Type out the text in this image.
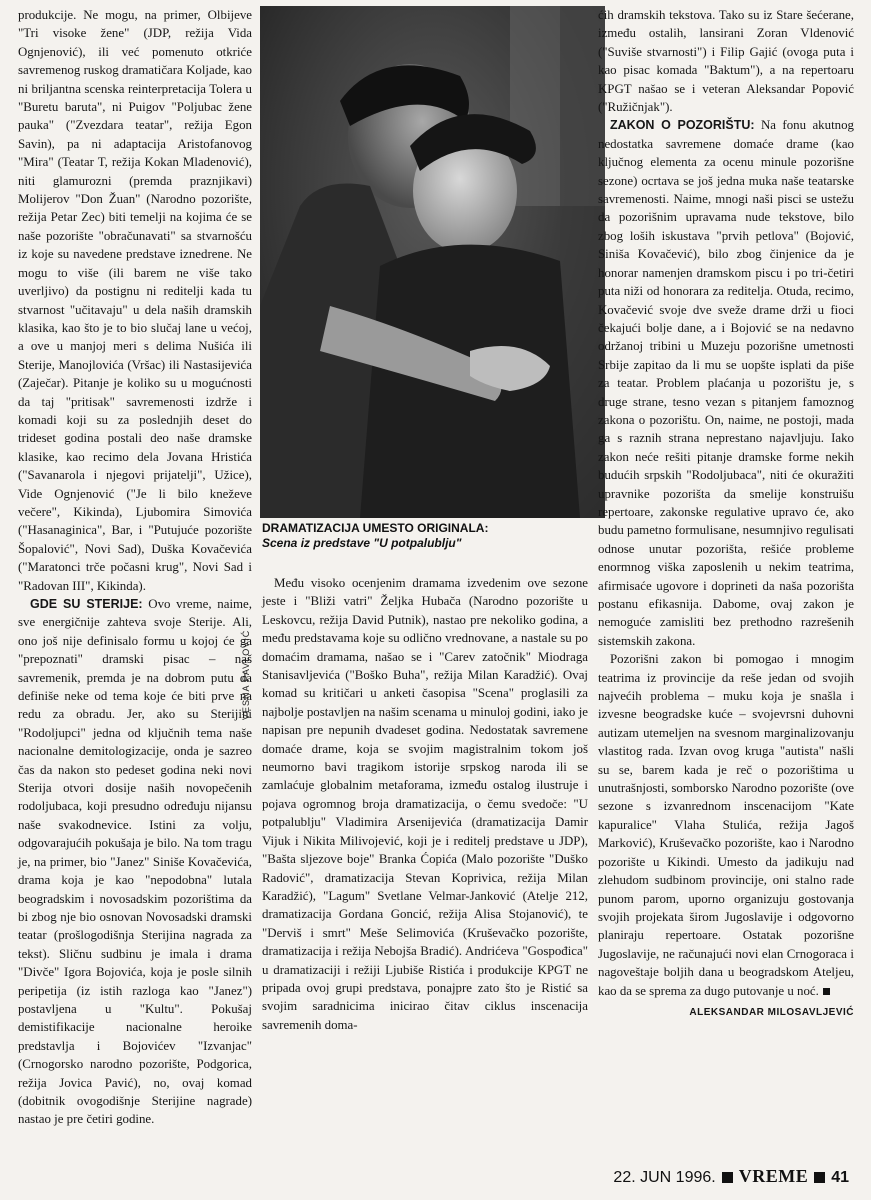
produkcije. Ne mogu, na primer, Olbijeve "Tri visoke žene" (JDP, režija Vida Ognjenović), ili već pomenuto otkriće savremenog ruskog dramatičara Koljade, kao ni briljantna scenska reinterpretacija Tolera u "Buretu baruta", ni Puigov "Poljubac žene pauka" ("Zvezdara teatar", režija Egon Savin), pa ni adaptacija Aristofanovog "Mira" (Teatar T, režija Kokan Mladenović), niti glamurozni (premda praznjikavi) Molijerov "Don Žuan" (Narodno pozorište, režija Petar Zec) biti temelji na kojima će se naše pozorište "obračunavati" sa stvarnošću iz koje su navedene predstave iznedrene. Ne mogu to više (ili barem ne više tako uverljivo) da postignu ni reditelji kada tu stvarnost "učitavaju" u dela naših dramskih klasika, kao što je to bio slučaj lane u većoj, a ove u manjoj meri s delima Nušića ili Sterije, Manojlovića (Vršac) ili Nastasijevića (Zaječar). Pitanje je koliko su u mogućnosti da taj "pritisak" savremenosti izdrže i komadi koji su za poslednjih deset do trideset godina postali deo naše dramske klasike, kao recimo dela Jovana Hristića ("Savanarola i njegovi prijatelji", Užice), Vide Ognjenović ("Je li bilo kneževe večere", Kikinda), Ljubomira Simovića ("Hasanaginica", Bar, i "Putujuće pozorište Šopalović", Novi Sad), Duška Kovačevića ("Maratonci trče počasni krug", Novi Sad i "Radovan III", Kikinda).

GDE SU STERIJE: Ovo vreme, naime, sve energičnije zahteva svoje Sterije. Ali, ono još nije definisalo formu u kojoj će ga "prepoznati" dramski pisac – naš savremenik, premda je na dobrom putu da definiše neke od tema koje će biti prve na redu za obradu. Jer, ako su Sterijini "Rodoljupci" jedna od ključnih tema naše nacionalne demitologizacije, onda je sazreo čas da nakon sto pedeset godina neki novi Sterija otvori dosije naših novopečenih rodoljubaca, koji presudno određuju nijansu naše svakodnevice. Istini za volju, odgovarajućih pokušaja je bilo. Na tom tragu je, na primer, bio "Janez" Siniše Kovačevića, drama koja je kao "nepodobna" lutala beogradskim i novosadskim pozorištima da bi zbog nje bio osnovan Novosadski dramski teatar (prošlogodišnja Sterijina nagrada za tekst). Sličnu sudbinu je imala i drama "Divče" Igora Bojovića, koja je posle silnih peripetija (iz istih razloga kao "Janez") postavljena u "Kultu". Pokušaj demistifikacije nacionalne heroike predstavlja i Bojovićev "Izvanjac" (Crnogorsko narodno pozorište, Podgorica, režija Jovica Pavić), no, ovaj komad (dobitnik ovogodišnje Sterijine nagrade) nastao je pre četiri godine.

VESNA PAVLOVIĆ
DRAMATIZACIJA UMESTO ORIGINALA:
Scena iz predstave "U potpalublju"

Među visoko ocenjenim dramama izvedenim ove sezone jeste i "Bliži vatri" Željka Hubača (Narodno pozorište u Leskovcu, režija David Putnik), nastao pre nekoliko godina, a među predstavama koje su odlično vrednovane, a nastale su po domaćim dramama, našao se i "Carev zatočnik" Miodraga Stanisavljevića ("Boško Buha", režija Milan Karadžić). Ovaj komad su kritičari u anketi časopisa "Scena" proglasili za najbolje postavljen na našim scenama u minuloj godini, iako je napisan pre nepunih dvadeset godina. Nedostatak savremene domaće drame, koja se svojim magistralnim tokom još neumorno bavi tragikom istorije srpskog naroda ili se zamlaćuje globalnim metaforama, između ostalog ilustruje i pojava ogromnog broja dramatizacija, o čemu svedoče: "U potpalublju" Vladimira Arsenijevića (dramatizacija Damir Vijuk i Nikita Milivojević, koji je i reditelj predstave u JDP), "Bašta sljezove boje" Branka Ćopića (Malo pozorište "Duško Radović", dramatizacija Stevan Koprivica, režija Milan Karadžić), "Lagum" Svetlane Velmar-Janković (Atelje 212, dramatizacija Gordana Goncić, režija Alisa Stojanović), te "Derviš i smrt" Meše Selimovića (Kruševačko pozorište, dramatizacija i režija Nebojša Bradić). Andrićeva "Gospođica" u dramatizaciji i režiji Ljubiše Ristića i produkcije KPGT ne pripada ovoj grupi predstava, ponajpre zato što je Ristić sa svojim saradnicima inicirao čitav ciklus inscenacija savremenih doma-

ćih dramskih tekstova. Tako su iz Stare šećerane, između ostalih, lansirani Zoran Vldenović ("Suviše stvarnosti") i Filip Gajić (ovoga puta i kao pisac komada "Baktum"), a na repertoaru KPGT našao se i veteran Aleksandar Popović ("Ružičnjak").

ZAKON O POZORIŠTU: Na fonu akutnog nedostatka savremene domaće drame (kao ključnog elementa za ocenu minule pozorišne sezone) ocrtava se još jedna muka naše teatarske savremenosti. Naime, mnogi naši pisci se ustežu da pozorišnim upravama nude tekstove, bilo zbog loših iskustava "prvih petlova" (Bojović, Siniša Kovačević), bilo zbog činjenice da je honorar namenjen dramskom piscu i po tri-četiri puta niži od honorara za reditelja. Otuda, recimo, Kovačević svoje dve sveže drame drži u fioci čekajući bolje dane, a i Bojović se na nedavno održanoj tribini u Muzeju pozorišne umetnosti Srbije zapitao da li mu se uopšte isplati da piše za teatar. Problem plaćanja u pozorištu je, s druge strane, tesno vezan s pitanjem famoznog zakona o pozorištu. On, naime, ne postoji, mada ga s raznih strana neprestano najavljuju. Iako zakon neće rešiti pitanje dramske forme nekih budućih srpskih "Rodoljubaca", niti će okuražiti upravnike pozorišta da smelije konstruišu repertoare, zakonske regulative upravo će, ako budu pametno formulisane, nesumnjivo regulisati odnose unutar pozorišta, rešiće probleme enormnog viška zaposlenih u nekim teatrima, afirmisaće ugovore i doprineti da naša pozorišta postanu efikasnija. Dabome, ovaj zakon je nemoguće zamisliti bez prethodno razrešenih sistemskih zakona.

Pozorišni zakon bi pomogao i mnogim teatrima iz provincije da reše jedan od svojih najvećih problema – muku koja je snašla i izvesne beogradske kuće – svojevrsni duhovni autizam utemeljen na svesnom marginalizovanju vlastitog rada. Izvan ovog kruga "autista" našli su se, barem kada je reč o pozorištima u unutrašnjosti, somborsko Narodno pozorište (ove sezone s izvanrednom inscenacijom "Kate kapuralice" Vlaha Stulića, režija Jagoš Marković), Kruševačko pozorište, kao i Narodno pozorište u Kikindi. Umesto da jadikuju nad zlehudom sudbinom provincije, oni stalno rade punom parom, uporno organizuju gostovanja svojih projekata širom Jugoslavije i odgovorno planiraju repertoare. Ostatak pozorišne Jugoslavije, ne računajući novi elan Crnogoraca i nagoveštaje boljih dana u beogradskom Ateljeu, kao da se sprema za dugo putovanje u noć.

ALEKSANDAR MILOSAVLJEVIĆ
22. JUN 1996. VREME 41
